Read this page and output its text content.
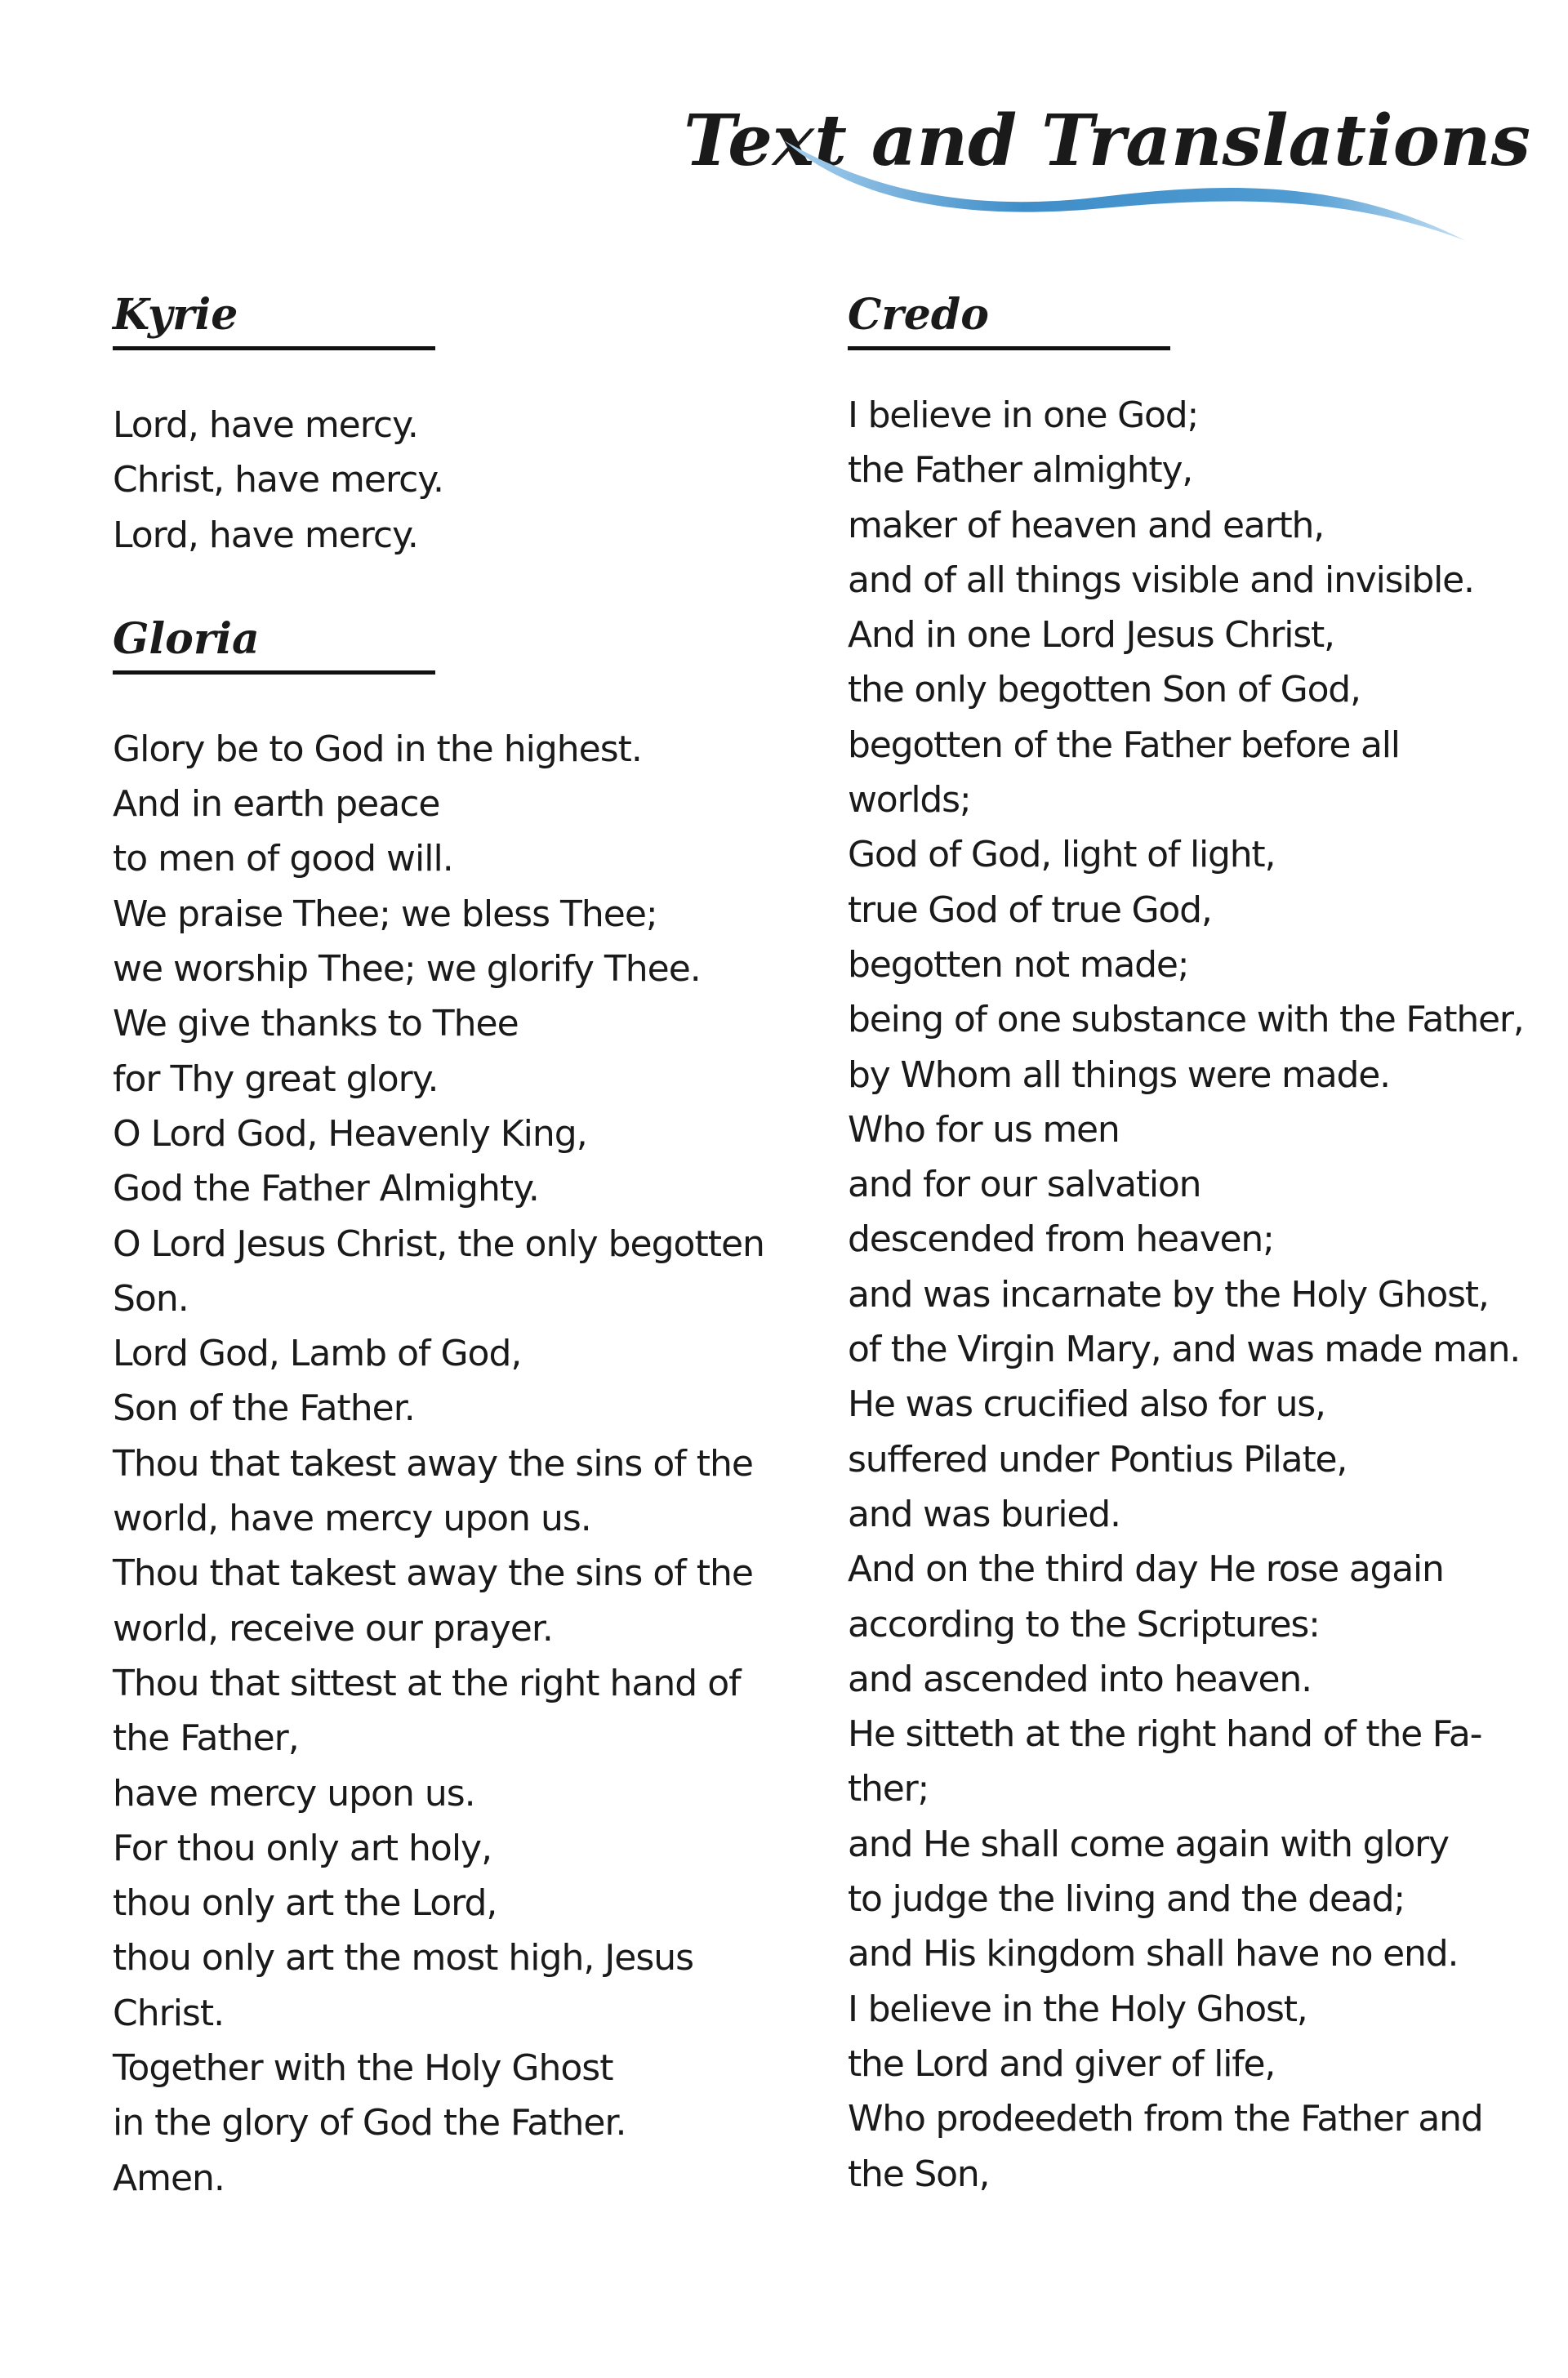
Text and Translations
Kyrie
Lord, have mercy.
Christ, have mercy.
Lord, have mercy.
Gloria
Glory be to God in the highest.
And in earth peace
to men of good will.
We praise Thee; we bless Thee;
we worship Thee; we glorify Thee.
We give thanks to Thee
for Thy great glory.
O Lord God, Heavenly King,
God the Father Almighty.
O Lord Jesus Christ, the only begotten
Son.
Lord God, Lamb of God,
Son of the Father.
Thou that takest away the sins of the
world, have mercy upon us.
Thou that takest away the sins of the
world, receive our prayer.
Thou that sittest at the right hand of
the Father,
have mercy upon us.
For thou only art holy,
thou only art the Lord,
thou only art the most high, Jesus
Christ.
Together with the Holy Ghost
in the glory of God the Father.
Amen.
Credo
I believe in one God;
the Father almighty,
maker of heaven and earth,
and of all things visible and invisible.
And in one Lord Jesus Christ,
the only begotten Son of God,
begotten of the Father before all
worlds;
God of God, light of light,
true God of true God,
begotten not made;
being of one substance with the Father,
by Whom all things were made.
Who for us men
and for our salvation
descended from heaven;
and was incarnate by the Holy Ghost,
of the Virgin Mary, and was made man.
He was crucified also for us,
suffered under Pontius Pilate,
and was buried.
And on the third day He rose again
according to the Scriptures:
and ascended into heaven.
He sitteth at the right hand of the Fa-
ther;
and He shall come again with glory
to judge the living and the dead;
and His kingdom shall have no end.
I believe in the Holy Ghost,
the Lord and giver of life,
Who prodeedeth from the Father and
the Son,
